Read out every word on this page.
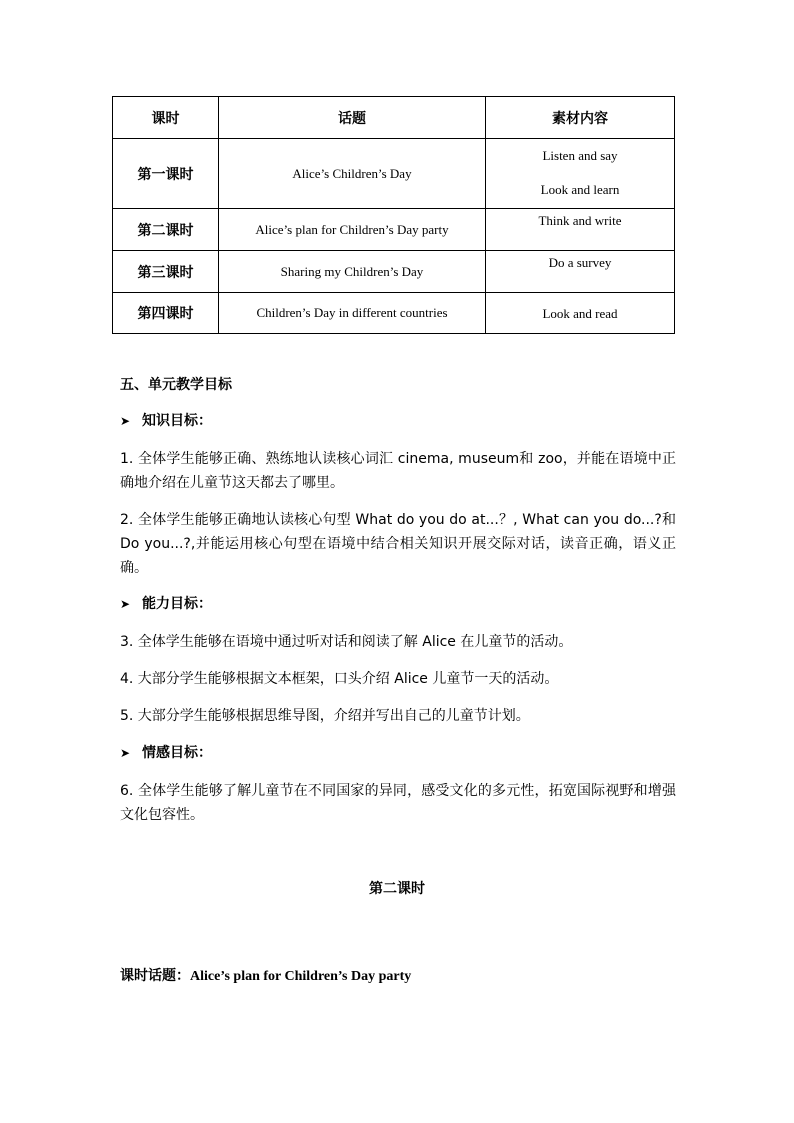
课时	话题	素材内容
第一课时	Alice’s Children’s Day	Listen and say
Look and learn

第二课时	Alice’s plan for Children’s Day party	Think and write

第三课时	Sharing my Children’s Day	Do a survey

第四课时	Children’s Day in different countries	Look and read
五、单元教学目标
➤ 知识目标：
1. 全体学生能够正确、熟练地认读核心词汇 cinema, museum和 zoo，并能在语境中正确地介绍在儿童节这天都去了哪里。
2. 全体学生能够正确地认读核心句型 What do you do at...？, What can you do...?和 Do you...?,并能运用核心句型在语境中结合相关知识开展交际对话，读音正确，语义正确。
➤ 能力目标：
3. 全体学生能够在语境中通过听对话和阅读了解 Alice 在儿童节的活动。
4. 大部分学生能够根据文本框架，口头介绍 Alice 儿童节一天的活动。
5. 大部分学生能够根据思维导图，介绍并写出自己的儿童节计划。
➤ 情感目标：
6. 全体学生能够了解儿童节在不同国家的异同，感受文化的多元性，拓宽国际视野和增强文化包容性。
第二课时
课时话题：Alice’s plan for Children’s Day party
